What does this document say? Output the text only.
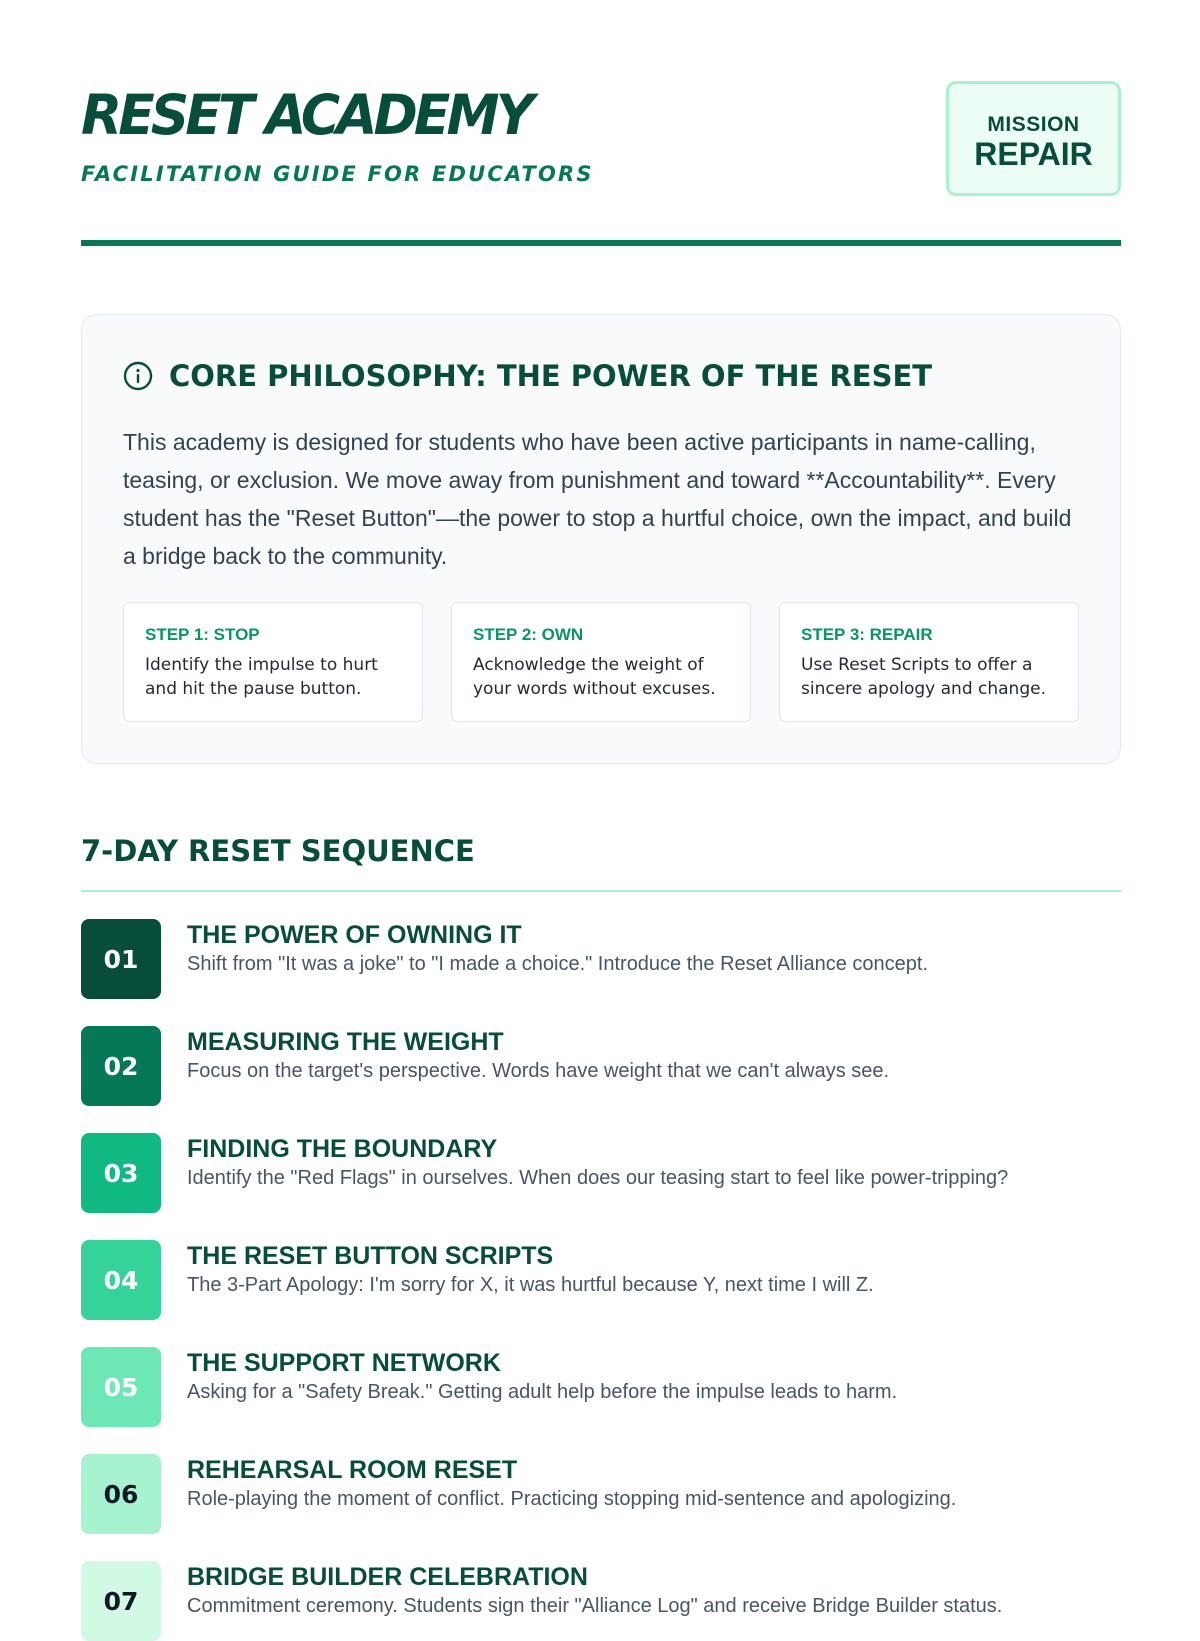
RESET ACADEMY
FACILITATION GUIDE FOR EDUCATORS
MISSION
REPAIR
CORE PHILOSOPHY: THE POWER OF THE RESET

This academy is designed for students who have been active participants in name-calling, teasing, or exclusion. We move away from punishment and toward **Accountability**. Every student has the "Reset Button"—the power to stop a hurtful choice, own the impact, and build a bridge back to the community.

STEP 1: STOP
Identify the impulse to hurt and hit the pause button.
STEP 2: OWN
Acknowledge the weight of your words without excuses.
STEP 3: REPAIR
Use Reset Scripts to offer a sincere apology and change.
7-DAY RESET SEQUENCE
01
THE POWER OF OWNING IT
Shift from "It was a joke" to "I made a choice." Introduce the Reset Alliance concept.
02
MEASURING THE WEIGHT
Focus on the target's perspective. Words have weight that we can't always see.
03
FINDING THE BOUNDARY
Identify the "Red Flags" in ourselves. When does our teasing start to feel like power-tripping?
04
THE RESET BUTTON SCRIPTS
The 3-Part Apology: I'm sorry for X, it was hurtful because Y, next time I will Z.
05
THE SUPPORT NETWORK
Asking for a "Safety Break." Getting adult help before the impulse leads to harm.
06
REHEARSAL ROOM RESET
Role-playing the moment of conflict. Practicing stopping mid-sentence and apologizing.
07
BRIDGE BUILDER CELEBRATION
Commitment ceremony. Students sign their "Alliance Log" and receive Bridge Builder status.
